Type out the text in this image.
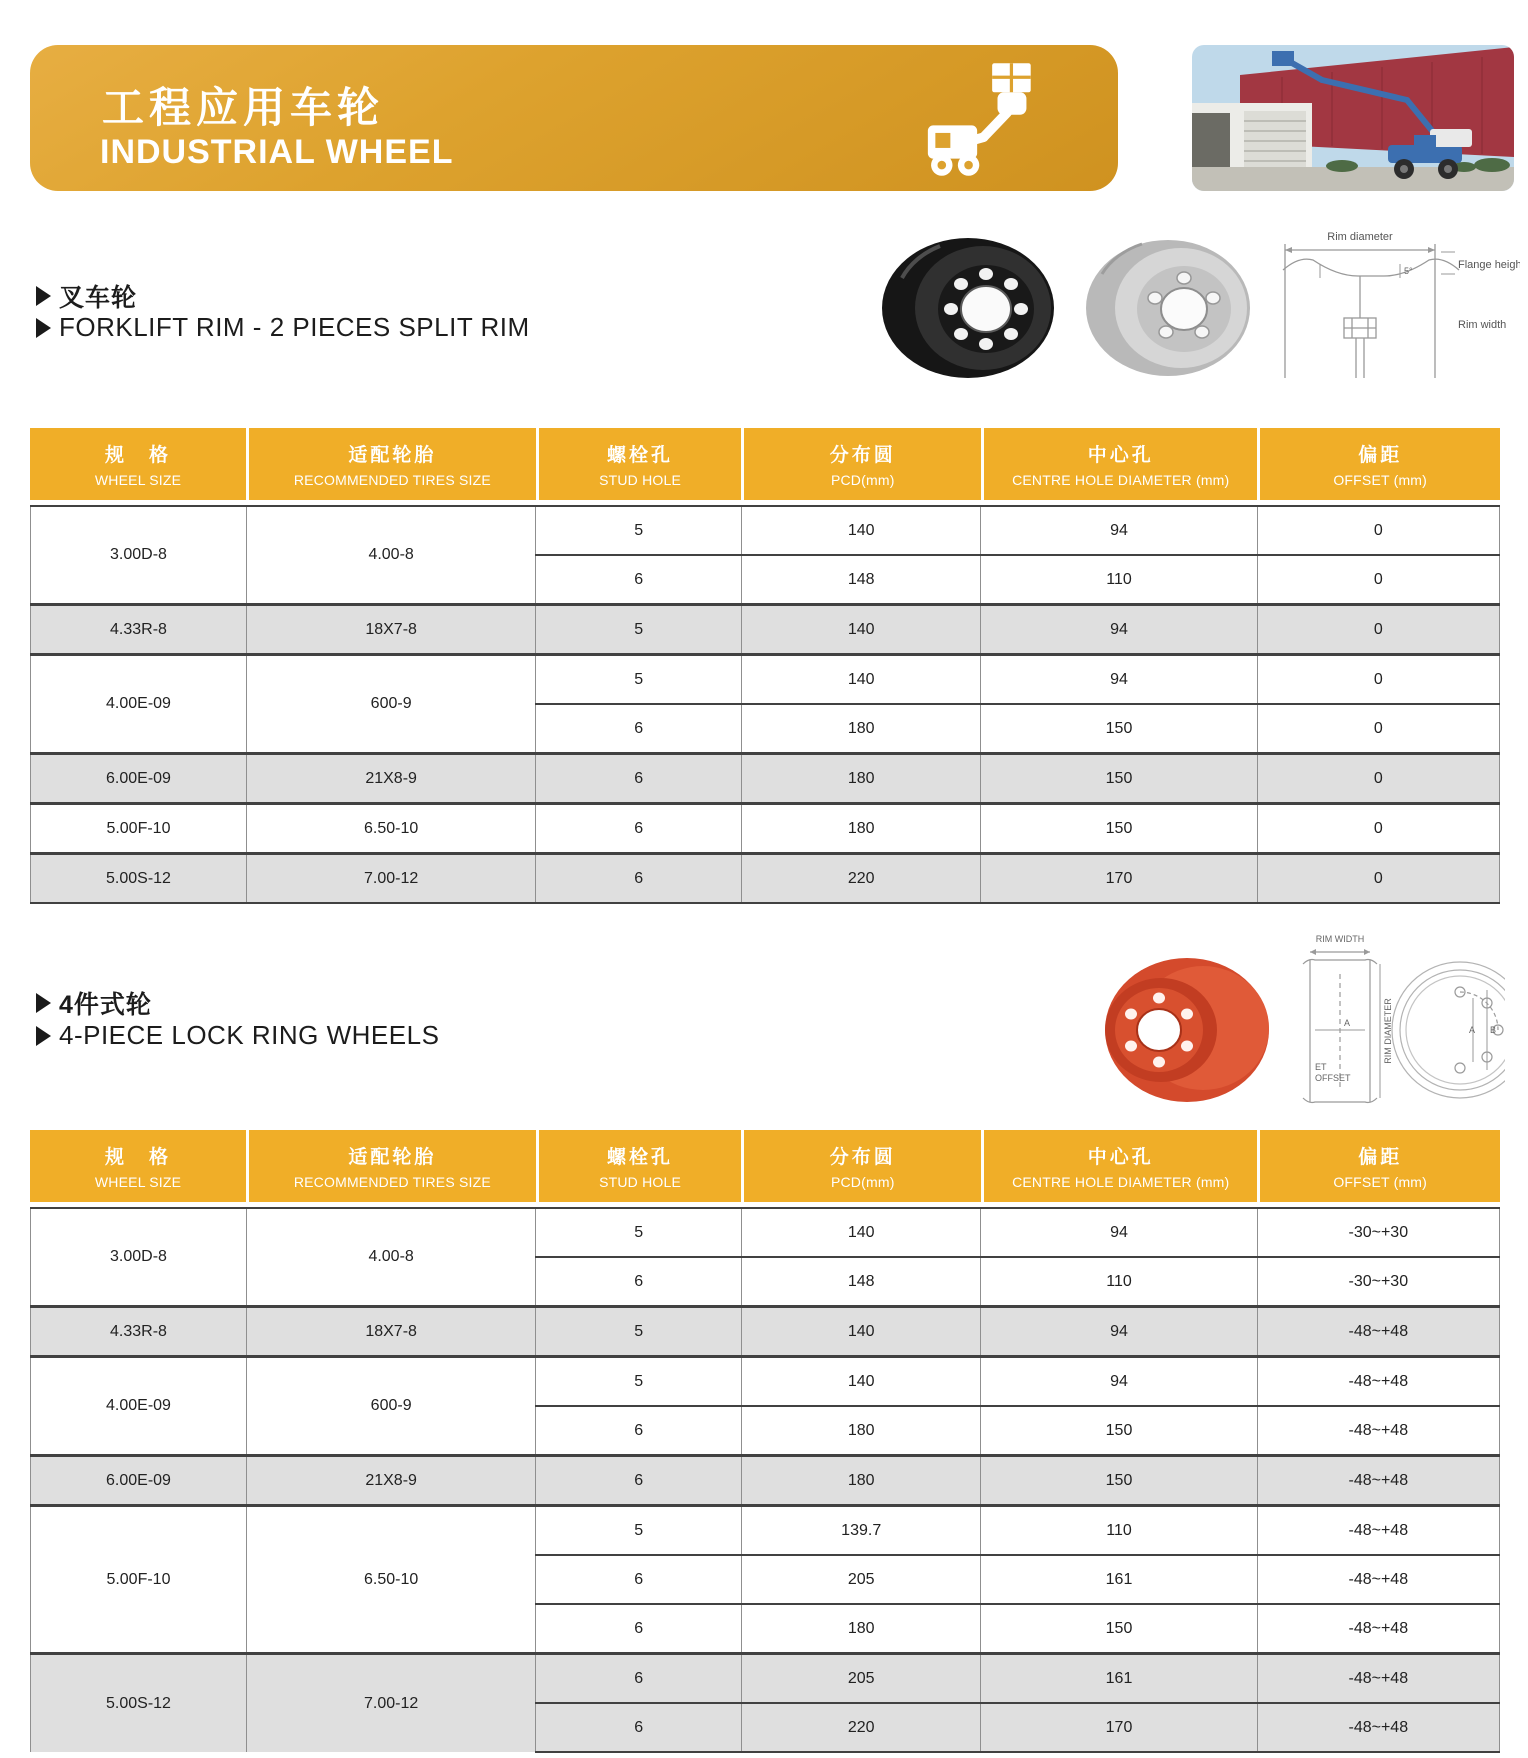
工程应用车轮
INDUSTRIAL WHEEL
叉车轮
FORKLIFT RIM - 2 PIECES SPLIT RIM
Rim diameter
5°	Flange height
Rim width
规　格
WHEEL SIZE
适配轮胎
RECOMMENDED TIRES SIZE
螺栓孔
STUD HOLE
分布圆
PCD(mm)
中心孔
CENTRE HOLE DIAMETER (mm)
偏距
OFFSET (mm)
3.00D-8	4.00-8	5	140	94	0
		6	148	110	0
4.33R-8	18X7-8	5	140	94	0
4.00E-09	600-9	5	140	94	0
		6	180	150	0
6.00E-09	21X8-9	6	180	150	0
5.00F-10	6.50-10	6	180	150	0
5.00S-12	7.00-12	6	220	170	0
4件式轮
4-PIECE LOCK RING WHEELS
RIM WIDTH
A
ET
OFFSET
RIM DIAMETER	A B
规　格
WHEEL SIZE
适配轮胎
RECOMMENDED TIRES SIZE
螺栓孔
STUD HOLE
分布圆
PCD(mm)
中心孔
CENTRE HOLE DIAMETER (mm)
偏距
OFFSET (mm)
3.00D-8	4.00-8	5	140	94	-30~+30
		6	148	110	-30~+30
4.33R-8	18X7-8	5	140	94	-48~+48
4.00E-09	600-9	5	140	94	-48~+48
		6	180	150	-48~+48
6.00E-09	21X8-9	6	180	150	-48~+48
5.00F-10	6.50-10	5	139.7	110	-48~+48
		6	205	161	-48~+48
		6	180	150	-48~+48
5.00S-12	7.00-12	6	205	161	-48~+48
		6	220	170	-48~+48
